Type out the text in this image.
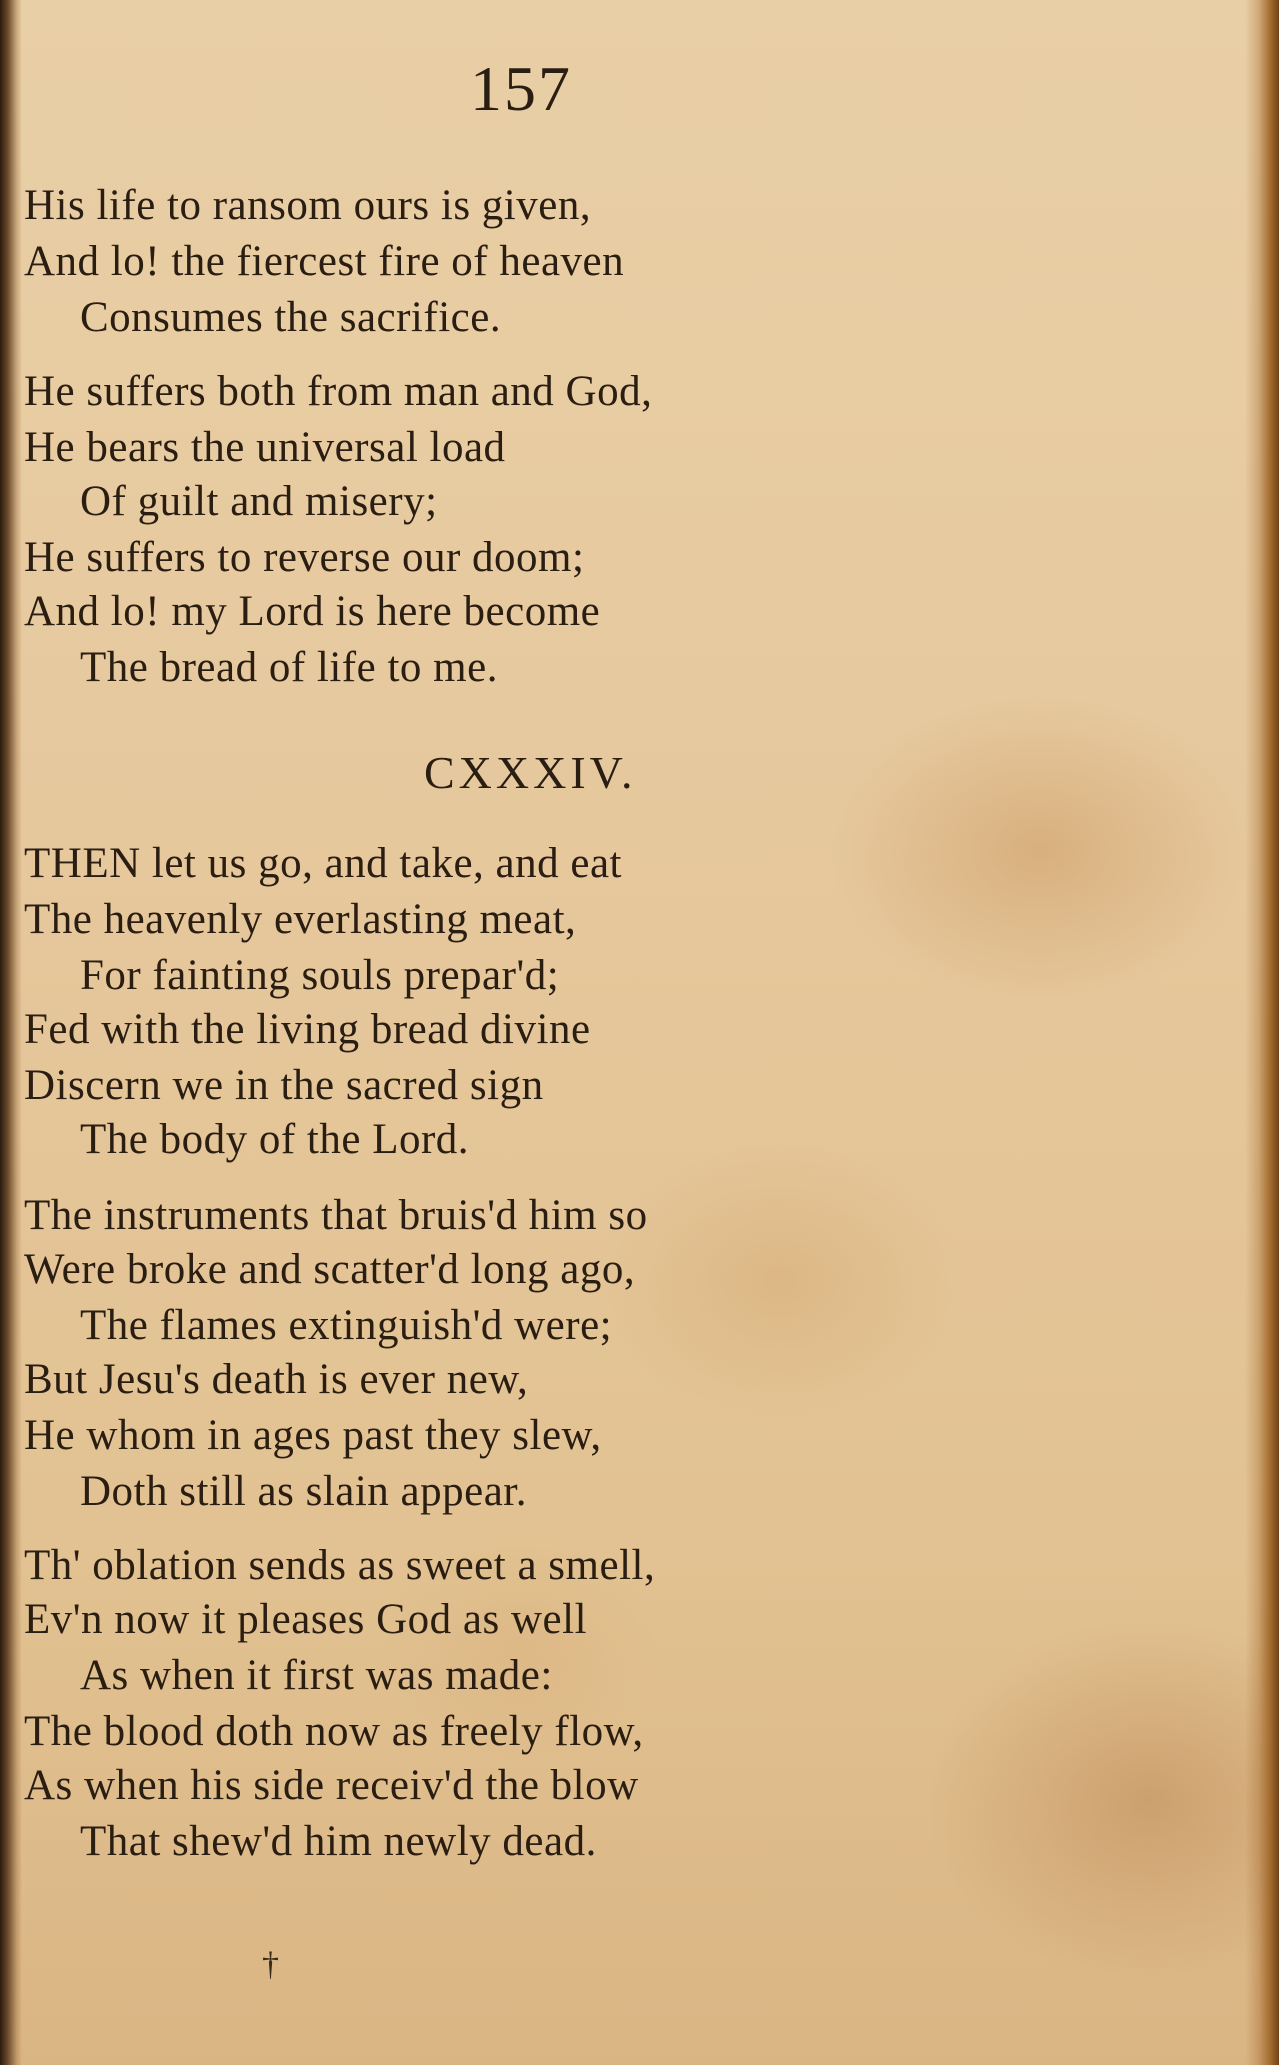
157
His life to ransom ours is given,
And lo! the fiercest fire of heaven
Consumes the sacrifice.
He suffers both from man and God,
He bears the universal load
Of guilt and misery;
He suffers to reverse our doom;
And lo! my Lord is here become
The bread of life to me.
CXXXIV.
THEN let us go, and take, and eat
The heavenly everlasting meat,
For fainting souls prepar'd;
Fed with the living bread divine
Discern we in the sacred sign
The body of the Lord.
The instruments that bruis'd him so
Were broke and scatter'd long ago,
The flames extinguish'd were;
But Jesu's death is ever new,
He whom in ages past they slew,
Doth still as slain appear.
Th' oblation sends as sweet a smell,
Ev'n now it pleases God as well
As when it first was made:
The blood doth now as freely flow,
As when his side receiv'd the blow
That shew'd him newly dead.
†
